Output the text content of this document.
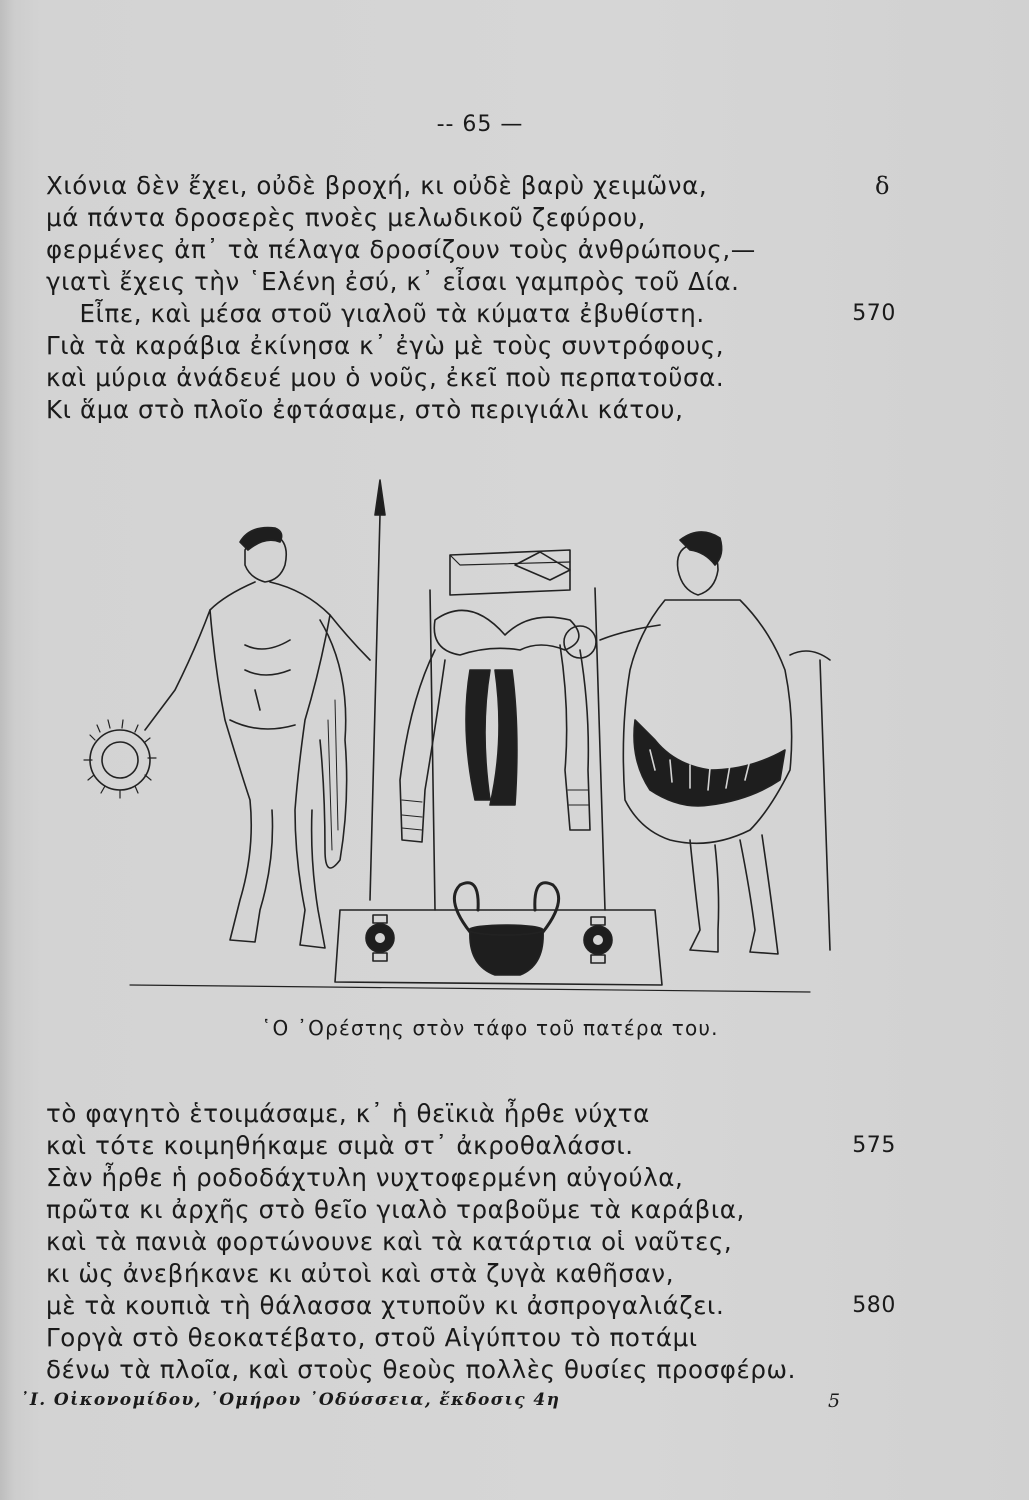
-- 65 —
Χιόνια δὲν ἔχει, οὐδὲ βροχή, κι οὐδὲ βαρὺ χειμῶνα,	δ
μά πάντα δροσερὲς πνοὲς μελωδικοῦ ζεφύρου,
φερμένες ἀπ᾽ τὰ πέλαγα δροσίζουν τοὺς ἀνθρώπους,—
γιατὶ ἔχεις τὴν ῾Ελένη ἐσύ, κ᾽ εἶσαι γαμπρὸς τοῦ Δία.
Εἶπε, καὶ μέσα στοῦ γιαλοῦ τὰ κύματα ἐβυθίστη.	570
Γιὰ τὰ καράβια ἐκίνησα κ᾽ ἐγὼ μὲ τοὺς συντρόφους,
καὶ μύρια ἀνάδευέ μου ὁ νοῦς, ἐκεῖ ποὺ περπατοῦσα.
Κι ἅμα στὸ πλοῖο ἐφτάσαμε, στὸ περιγιάλι κάτου,
῾Ο ᾽Ορέστης στὸν τάφο τοῦ πατέρα του.
τὸ φαγητὸ ἑτοιμάσαμε, κ᾽ ἡ θεϊκιὰ ἦρθε νύχτα
καὶ τότε κοιμηθήκαμε σιμὰ στ᾽ ἀκροθαλάσσι.	575
Σὰν ἦρθε ἡ ροδοδάχτυλη νυχτοφερμένη αὐγούλα,
πρῶτα κι ἀρχῆς στὸ θεῖο γιαλὸ τραβοῦμε τὰ καράβια,
καὶ τὰ πανιὰ φορτώνουνε καὶ τὰ κατάρτια οἱ ναῦτες,
κι ὡς ἀνεβήκανε κι αὐτοὶ καὶ στὰ ζυγὰ καθῆσαν,
μὲ τὰ κουπιὰ τὴ θάλασσα χτυποῦν κι ἀσπρογαλιάζει.	580
Γοργὰ στὸ θεοκατέβατο, στοῦ Αἰγύπτου τὸ ποτάμι
δένω τὰ πλοῖα, καὶ στοὺς θεοὺς πολλὲς θυσίες προσφέρω.
᾽Ι. Οἰκονομίδου, ᾽Ομήρου ᾽Οδύσσεια, ἔκδοσις 4η	5
